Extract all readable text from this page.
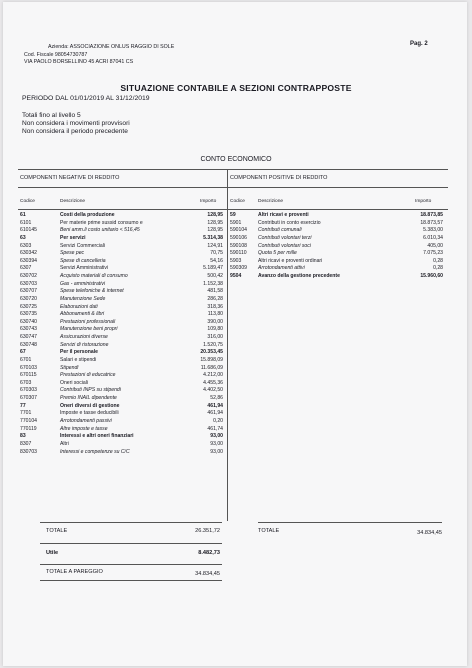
Pag. 2
Azienda: ASSOCIAZIONE ONLUS RAGGIO DI SOLE
Cod. Fiscale 98054730787
VIA PAOLO BORSELLINO 45 ACRI 87041 CS
SITUAZIONE CONTABILE A SEZIONI CONTRAPPOSTE
PERIODO DAL 01/01/2019 AL 31/12/2019
Totali fino al livello 5
Non considera i movimenti provvisori
Non considera il periodo precedente
CONTO ECONOMICO
COMPONENTI NEGATIVE DI REDDITO	COMPONENTI POSITIVE DI REDDITO
Codice	Descrizione	Importo	Codice	Descrizione	Importo
61	Costi della produzione	128,95
6101	Per materie prime sussid consumo e	128,95
610145	Beni amm.li costo unitario < 516,45	128,95
63	Per servizi	5.314,38
6303	Servizi Commerciali	124,91
630342	Spese pec	70,75
630394	Spese di cancelleria	54,16
6307	Servizi Amministrativi	5.189,47
630702	Acquisto materiali di consumo	500,42
630703	Gas - amministrativi	1.152,38
630707	Spese telefoniche & internet	481,58
630720	Manutenzione Sede	286,28
630725	Elaborazioni dati	318,36
630735	Abbonamenti & libri	113,80
630740	Prestazioni professionali	390,00
630743	Manutenzione beni propri	109,80
630747	Assicurazioni diverse	316,00
630748	Servizi di ristorazione	1.520,75
67	Per il personale	20.353,45
6701	Salari e stipendi	15.898,09
670103	Stipendi	11.686,09
670115	Prestazioni di educatrice	4.212,00
6703	Oneri sociali	4.455,36
670303	Contributi INPS su stipendi	4.402,50
670307	Premio INAIL dipendente	52,86
77	Oneri diversi di gestione	461,94
7701	Imposte e tasse deducibili	461,94
770104	Arrotondamenti passivi	0,20
770119	Altre imposte e tasse	461,74
83	Interessi e altri oneri finanziari	93,00
8307	Altri	93,00
830703	Interessi e competenze su C/C	93,00
59	Altri ricavi e proventi	18.873,85
5901	Contributi in conto esercizio	18.873,57
590104 Contributi comunali	5.383,00
590106 Contributi volontari terzi	6.010,34
590108 Contributi volontari soci	405,00
590110 Quota 5 per mille	7.075,23
5903	Altri ricavi e proventi ordinari	0,28
590309 Arrotondamenti attivi	0,28
9504	Avanzo della gestione precedente	15.960,60
TOTALE	26.351,72	TOTALE	34.834,45
Utile	8.482,73
TOTALE A PAREGGIO	34.834,45
